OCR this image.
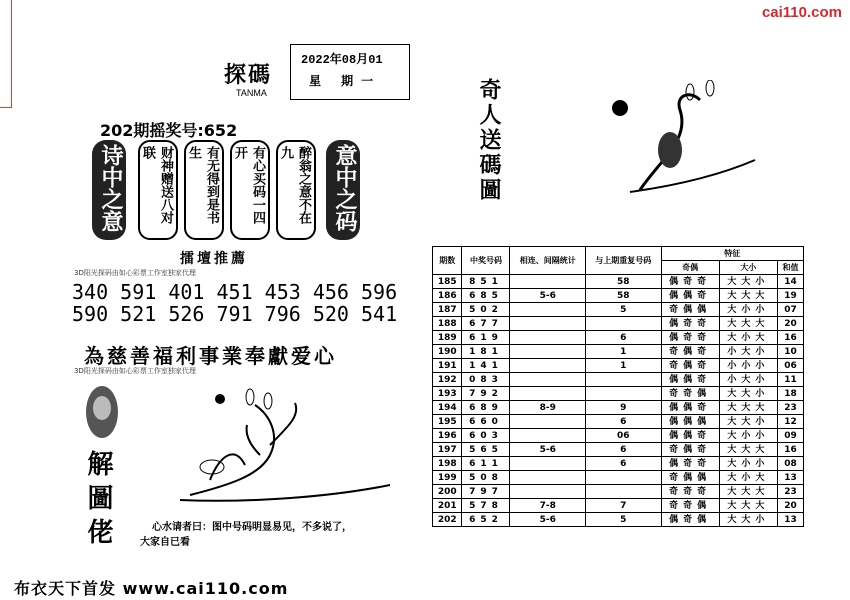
cai110.com
探碼
TANMA
2022年08月01
星 期一
202期摇奖号:652
诗中之意	财神赠送八对联	有无得到是书生	有心买码一四开	醉翁之意不在九	意中之码
擂壇推薦
3D阳光探码由如心彩票工作室独家代理
340 591 401 451 453 456 596
590 521 526 791 796 520 541
為慈善福利事業奉獻爱心
3D阳光探码由如心彩票工作室独家代理
解圖佬	心水请者曰：图中号码明显易见，不多说了，
大家自已看
布衣天下首发 www.cai110.com
奇人送碼圖
期数	中奖号码	相连、间隔统计	与上期重复号码	特征		
				奇偶	大小	和值
185	851		58	偶奇奇	大大小	14
186	685	5-6	58	偶偶奇	大大大	19
187	502		5	奇偶偶	大小小	07
188	677			偶奇奇	大大大	20
189	619		6	偶奇奇	大小大	16
190	181		1	奇偶奇	小大小	10
191	141		1	奇偶奇	小小小	06
192	083			偶偶奇	小大小	11
193	792			奇奇偶	大大小	18
194	689	8-9	9	偶偶奇	大大大	23
195	660		6	偶偶偶	大大小	12
196	603		06	偶偶奇	大小小	09
197	565	5-6	6	奇偶奇	大大大	16
198	611		6	偶奇奇	大小小	08
199	508			奇偶偶	大小大	13
200	797			奇奇奇	大大大	23
201	578	7-8	7	奇奇偶	大大大	20
202	652	5-6	5	偶奇偶	大大小	13
